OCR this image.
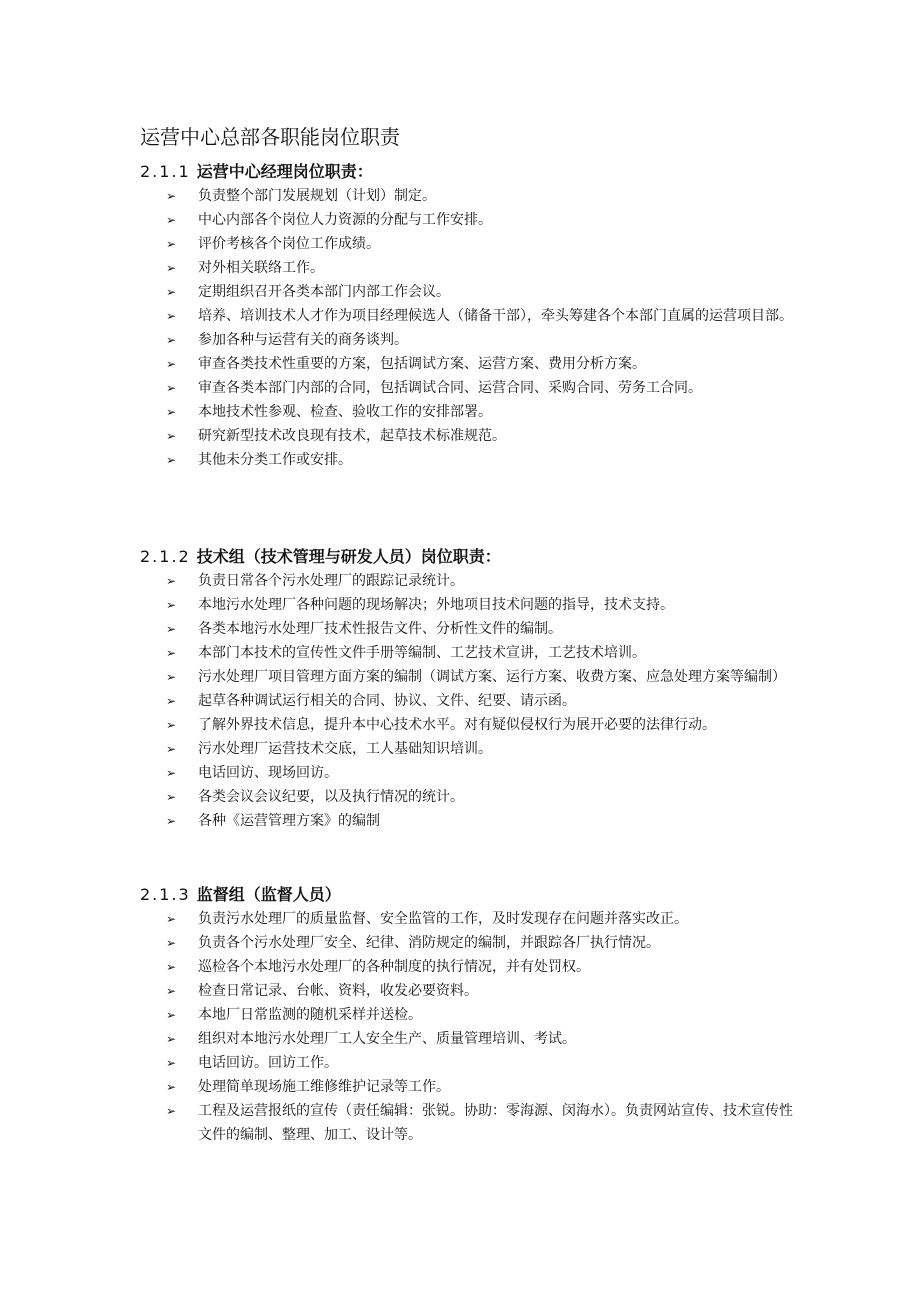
运营中心总部各职能岗位职责
2.1.1 运营中心经理岗位职责：
➢	负责整个部门发展规划（计划）制定。
➢	中心内部各个岗位人力资源的分配与工作安排。
➢	评价考核各个岗位工作成绩。
➢	对外相关联络工作。
➢	定期组织召开各类本部门内部工作会议。
➢	培养、培训技术人才作为项目经理候选人（储备干部），牵头筹建各个本部门直属的运营项目部。
➢	参加各种与运营有关的商务谈判。
➢	审查各类技术性重要的方案，包括调试方案、运营方案、费用分析方案。
➢	审查各类本部门内部的合同，包括调试合同、运营合同、采购合同、劳务工合同。
➢	本地技术性参观、检查、验收工作的安排部署。
➢	研究新型技术改良现有技术，起草技术标准规范。
➢	其他未分类工作或安排。
2.1.2 技术组（技术管理与研发人员）岗位职责：
➢	负责日常各个污水处理厂的跟踪记录统计。
➢	本地污水处理厂各种问题的现场解决；外地项目技术问题的指导，技术支持。
➢	各类本地污水处理厂技术性报告文件、分析性文件的编制。
➢	本部门本技术的宣传性文件手册等编制、工艺技术宣讲，工艺技术培训。
➢	污水处理厂项目管理方面方案的编制（调试方案、运行方案、收费方案、应急处理方案等编制）
➢	起草各种调试运行相关的合同、协议、文件、纪要、请示函。
➢	了解外界技术信息，提升本中心技术水平。对有疑似侵权行为展开必要的法律行动。
➢	污水处理厂运营技术交底，工人基础知识培训。
➢	电话回访、现场回访。
➢	各类会议会议纪要，以及执行情况的统计。
➢	各种《运营管理方案》的编制
2.1.3 监督组（监督人员）
➢	负责污水处理厂的质量监督、安全监管的工作，及时发现存在问题并落实改正。
➢	负责各个污水处理厂安全、纪律、消防规定的编制，并跟踪各厂执行情况。
➢	巡检各个本地污水处理厂的各种制度的执行情况，并有处罚权。
➢	检查日常记录、台帐、资料，收发必要资料。
➢	本地厂日常监测的随机采样并送检。
➢	组织对本地污水处理厂工人安全生产、质量管理培训、考试。
➢	电话回访。回访工作。
➢	处理简单现场施工维修维护记录等工作。
➢	工程及运营报纸的宣传（责任编辑：张锐。协助：零海源、闵海水）。负责网站宣传、技术宣传性文件的编制、整理、加工、设计等。
